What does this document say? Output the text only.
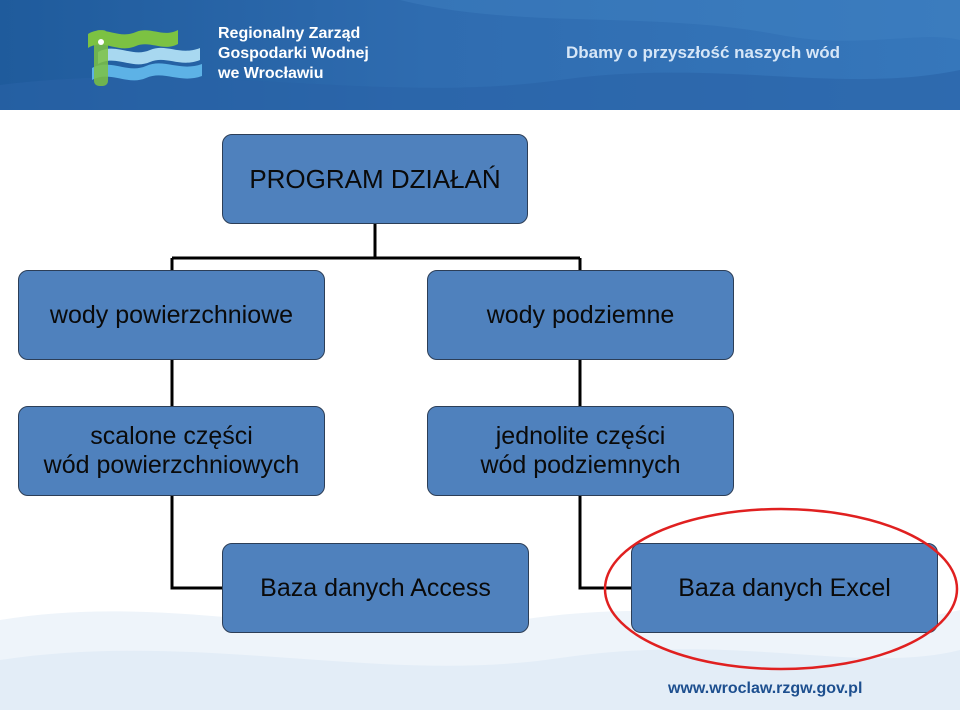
Regionalny Zarząd
Gospodarki Wodnej
we Wrocławiu
Dbamy o przyszłość naszych wód
PROGRAM DZIAŁAŃ
wody powierzchniowe	wody podziemne
scalone części
wód powierzchniowych
jednolite części
wód podziemnych
Baza danych Access	Baza danych Excel
www.wroclaw.rzgw.gov.pl
